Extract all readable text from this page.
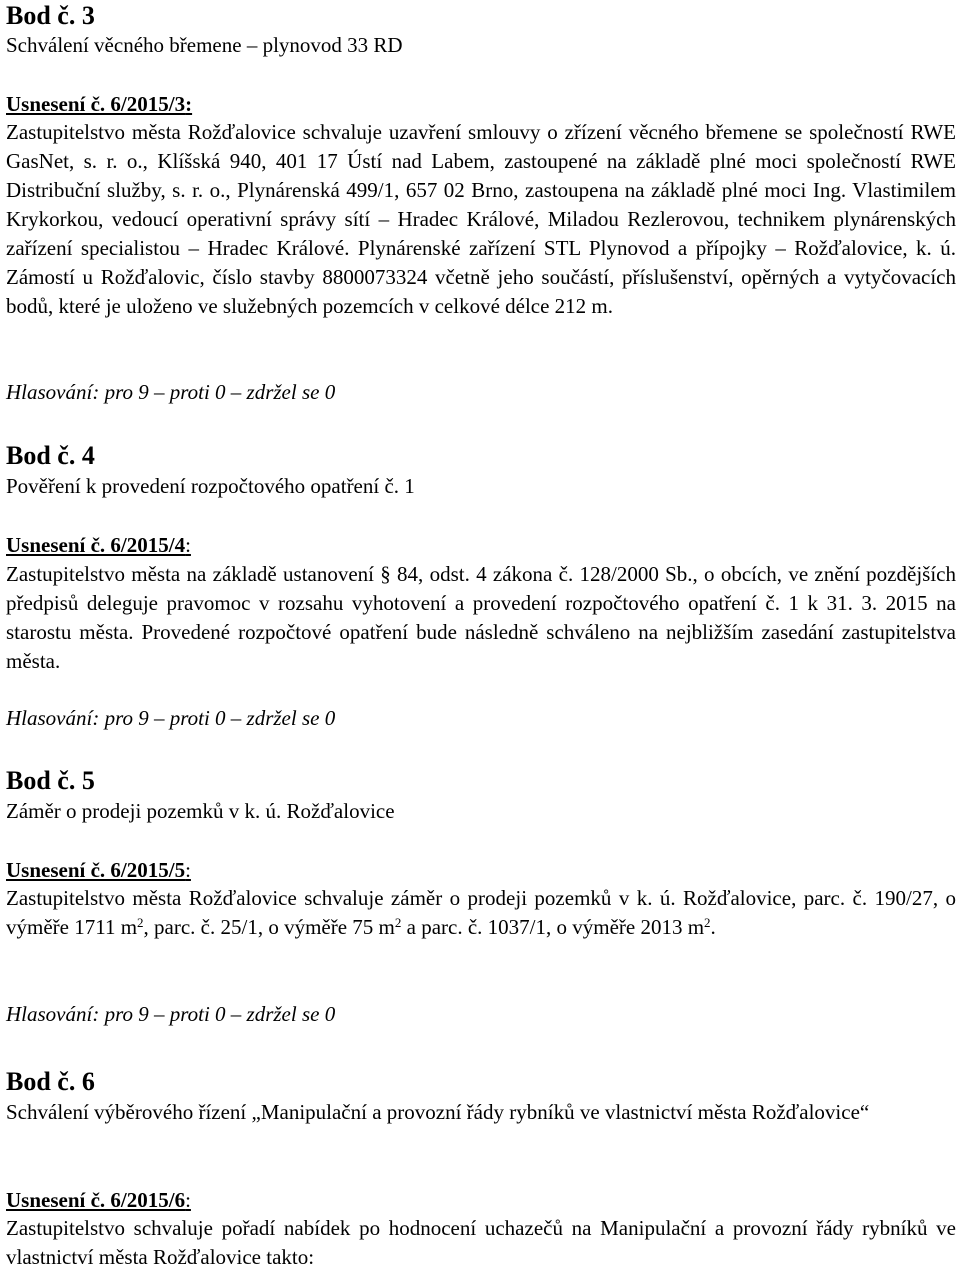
Bod č. 3
Schválení věcného břemene – plynovod 33 RD
Usnesení č. 6/2015/3:
Zastupitelstvo města Rožďalovice schvaluje uzavření smlouvy o zřízení věcného břemene se společností RWE GasNet, s. r. o., Klíšská 940, 401 17 Ústí nad Labem, zastoupené na základě plné moci společností RWE Distribuční služby, s. r. o., Plynárenská 499/1, 657 02 Brno, zastoupena na základě plné moci Ing. Vlastimilem Krykorkou, vedoucí operativní správy sítí – Hradec Králové, Miladou Rezlerovou, technikem plynárenských zařízení specialistou – Hradec Králové. Plynárenské zařízení STL Plynovod a přípojky – Rožďalovice, k. ú. Zámostí u Rožďalovic, číslo stavby 8800073324 včetně jeho součástí, příslušenství, opěrných a vytyčovacích bodů, které je uloženo ve služebných pozemcích v celkové délce 212 m.
Hlasování: pro 9 – proti 0 – zdržel se 0
Bod č. 4
Pověření k provedení rozpočtového opatření č. 1
Usnesení č. 6/2015/4:
Zastupitelstvo města na základě ustanovení § 84, odst. 4 zákona č. 128/2000 Sb., o obcích, ve znění pozdějších předpisů deleguje pravomoc v rozsahu vyhotovení a provedení rozpočtového opatření č. 1 k 31. 3. 2015 na starostu města. Provedené rozpočtové opatření bude následně schváleno na nejbližším zasedání zastupitelstva města.
Hlasování: pro 9 – proti 0 – zdržel se 0
Bod č. 5
Záměr o prodeji pozemků v k. ú. Rožďalovice
Usnesení č. 6/2015/5:
Zastupitelstvo města Rožďalovice schvaluje záměr o prodeji pozemků v k. ú. Rožďalovice, parc. č. 190/27, o výměře 1711 $m^2$, parc. č. 25/1, o výměře 75 $m^2$ a parc. č. 1037/1, o výměře 2013 $m^2$.
Hlasování: pro 9 – proti 0 – zdržel se 0
Bod č. 6
Schválení výběrového řízení „Manipulační a provozní řády rybníků ve vlastnictví města Rožďalovice“
Usnesení č. 6/2015/6:
Zastupitelstvo schvaluje pořadí nabídek po hodnocení uchazečů na Manipulační a provozní řády rybníků ve vlastnictví města Rožďalovice takto:
